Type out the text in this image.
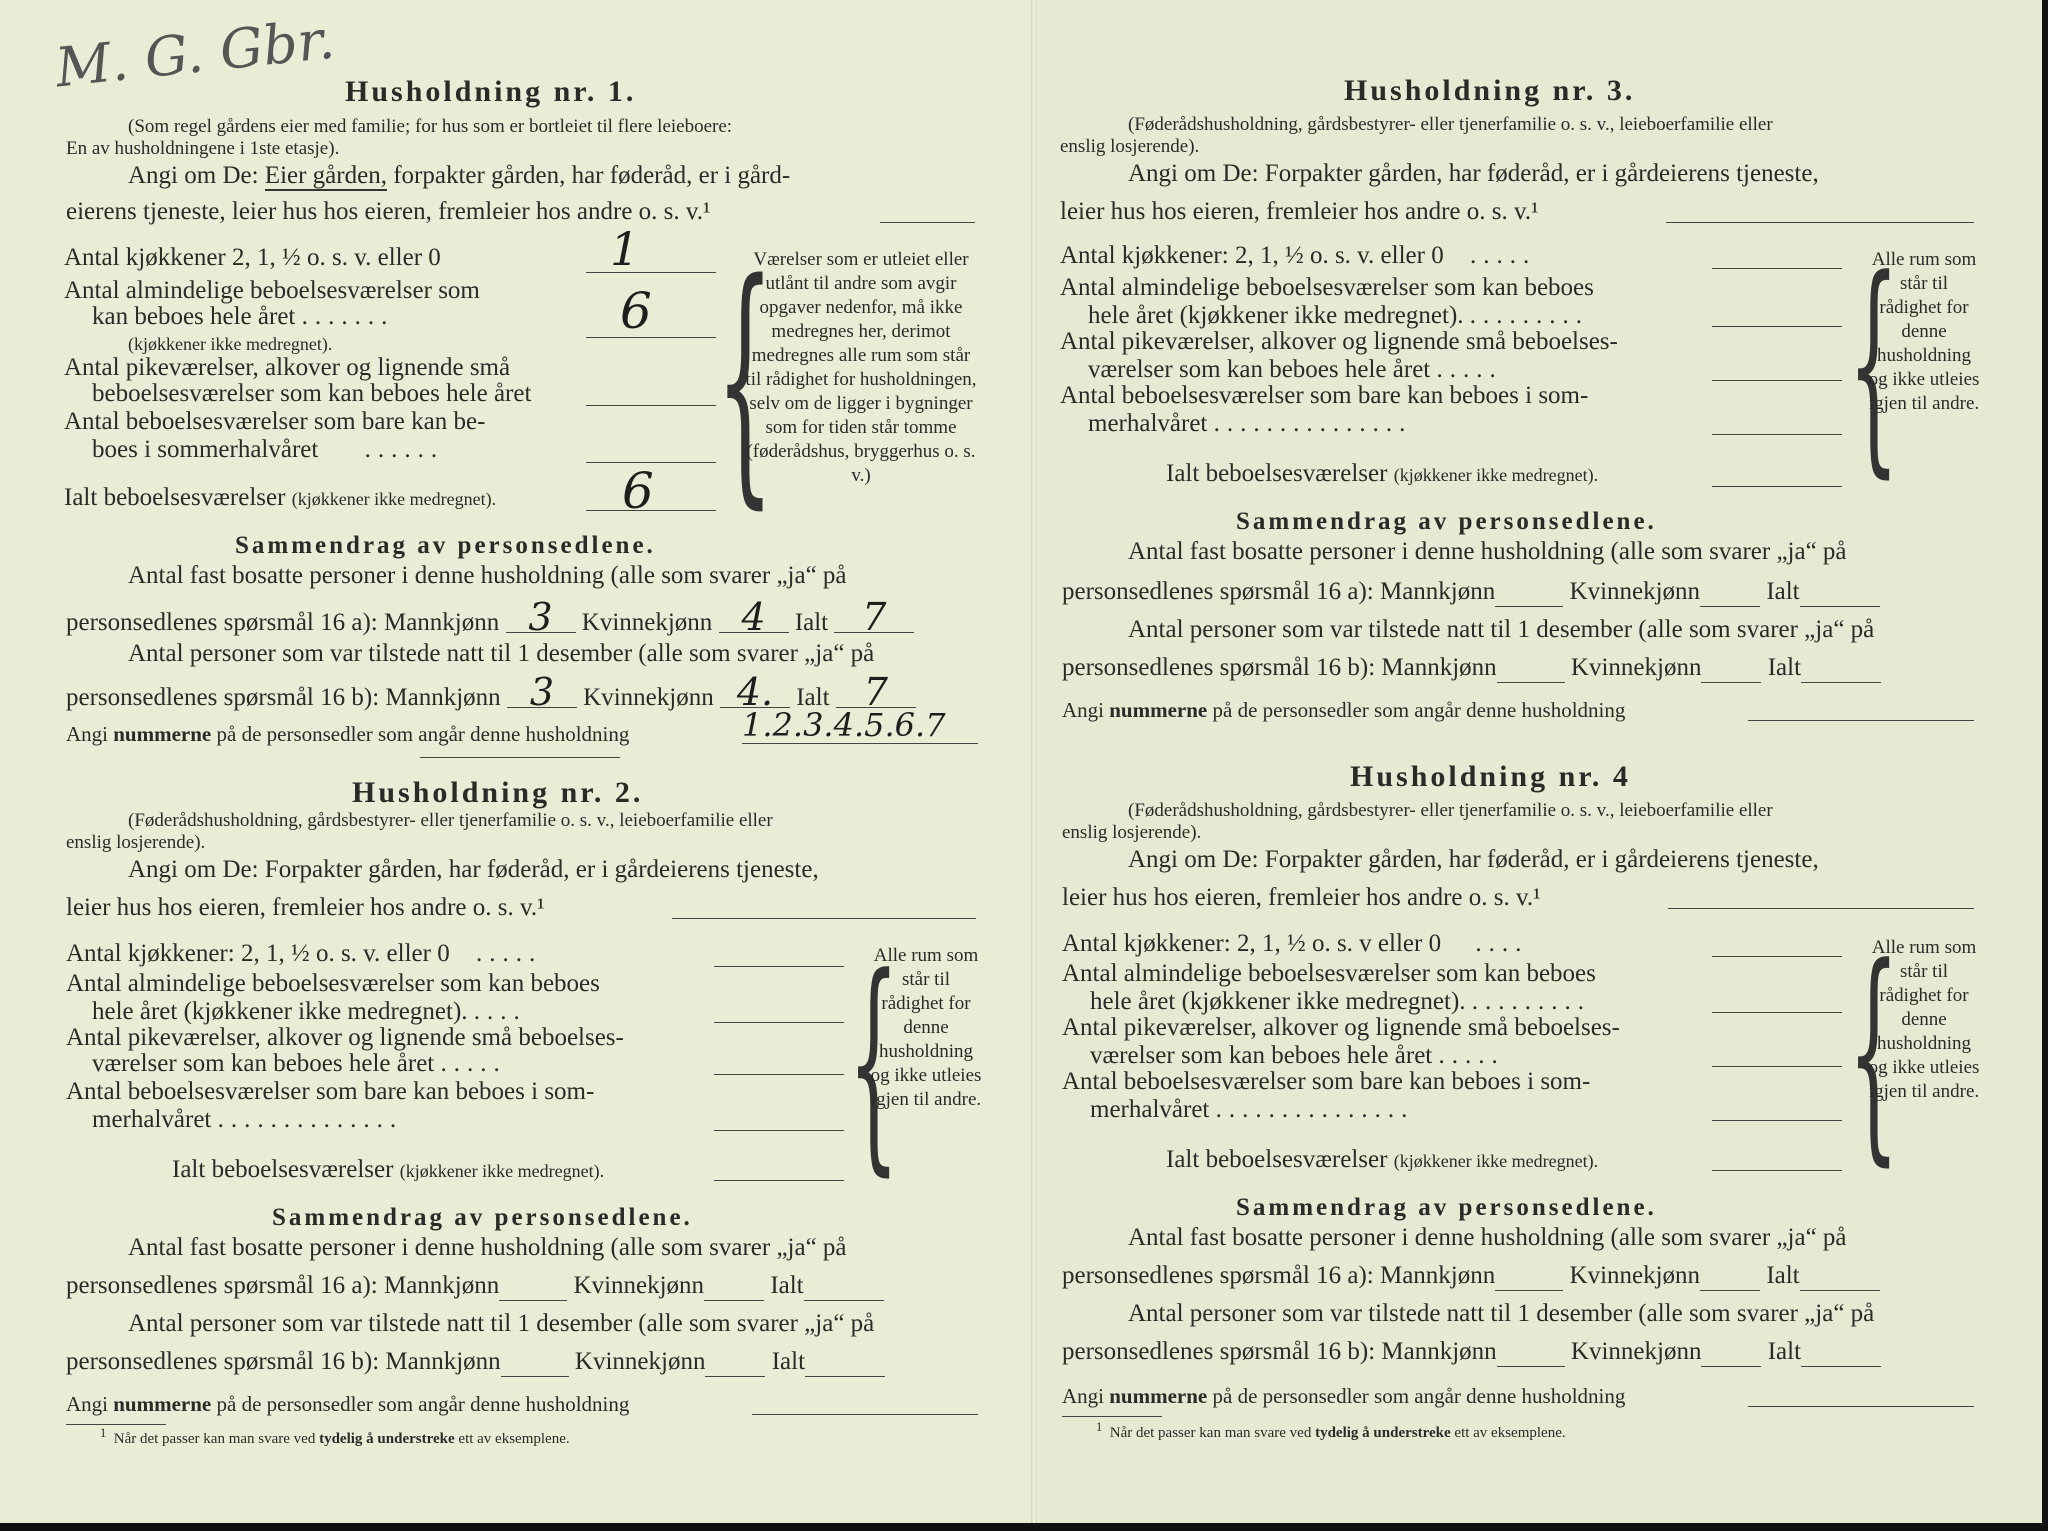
M. G. Gbr. Husholdning nr. 1.
(Som regel gårdens eier med familie; for hus som er bortleiet til flere leieboere:
En av husholdningene i 1ste etasje).
Angi om De: Eier gården, forpakter gården, har føderåd, er i gård-
eierens tjeneste, leier hus hos eieren, fremleier hos andre o. s. v.¹
Antal kjøkkener 2, 1, ½ o. s. v. eller 0	1
Antal almindelige beboelsesværelser som
kan beboes hele året .......	6
(kjøkkener ikke medregnet).
Antal pikeværelser, alkover og lignende små
beboelsesværelser som kan beboes hele året
Antal beboelsesværelser som bare kan be-
boes i sommerhalvåret ......
Ialt beboelsesværelser (kjøkkener ikke medregnet).	6 {
Værelser som er utleiet eller utlånt til andre som avgir opgaver nedenfor, må ikke medregnes her, derimot medregnes alle rum som står til rådighet for husholdningen, selv om de ligger i bygninger som for tiden står tomme (føderådshus, bryggerhus o. s. v.)
Sammendrag av personsedlene.
Antal fast bosatte personer i denne husholdning (alle som svarer „ja“ på
personsedlenes spørsmål 16 a): Mannkjønn 3 Kvinnekjønn 4 Ialt 7
Antal personer som var tilstede natt til 1 desember (alle som svarer „ja“ på
personsedlenes spørsmål 16 b): Mannkjønn 3 Kvinnekjønn 4. Ialt 7
Angi nummerne på de personsedler som angår denne husholdning	1.2.3.4.5.6.7
Husholdning nr. 2.
(Føderådshusholdning, gårdsbestyrer- eller tjenerfamilie o. s. v., leieboerfamilie eller
enslig losjerende).
Angi om De: Forpakter gården, har føderåd, er i gårdeierens tjeneste,
leier hus hos eieren, fremleier hos andre o. s. v.¹
Antal kjøkkener: 2, 1, ½ o. s. v. eller 0 .....
Antal almindelige beboelsesværelser som kan beboes
hele året (kjøkkener ikke medregnet). ....
Antal pikeværelser, alkover og lignende små beboelses-
værelser som kan beboes hele året .....
Antal beboelsesværelser som bare kan beboes i som-
merhalvåret ..............
Ialt beboelsesværelser (kjøkkener ikke medregnet). {
Alle rum som står til rådighet for denne husholdning og ikke utleies igjen til andre.
Sammendrag av personsedlene.
Antal fast bosatte personer i denne husholdning (alle som svarer „ja“ på
personsedlenes spørsmål 16 a): Mannkjønn	Kvinnekjønn	Ialt
Antal personer som var tilstede natt til 1 desember (alle som svarer „ja“ på
personsedlenes spørsmål 16 b): Mannkjønn	Kvinnekjønn	Ialt
Angi nummerne på de personsedler som angår denne husholdning
$^1$ Når det passer kan man svare ved tydelig å understreke ett av eksemplene.
Husholdning nr. 3.
(Føderådshusholdning, gårdsbestyrer- eller tjenerfamilie o. s. v., leieboerfamilie eller
enslig losjerende).
Angi om De: Forpakter gården, har føderåd, er i gårdeierens tjeneste,
leier hus hos eieren, fremleier hos andre o. s. v.¹
Antal kjøkkener: 2, 1, ½ o. s. v. eller 0 .....
Antal almindelige beboelsesværelser som kan beboes
hele året (kjøkkener ikke medregnet). .........
Antal pikeværelser, alkover og lignende små beboelses-
værelser som kan beboes hele året .....
Antal beboelsesværelser som bare kan beboes i som-
merhalvåret ...............
Ialt beboelsesværelser (kjøkkener ikke medregnet). {
Alle rum som står til rådighet for denne husholdning og ikke utleies igjen til andre.
Sammendrag av personsedlene.
Antal fast bosatte personer i denne husholdning (alle som svarer „ja“ på
personsedlenes spørsmål 16 a): Mannkjønn	Kvinnekjønn	Ialt
Antal personer som var tilstede natt til 1 desember (alle som svarer „ja“ på
personsedlenes spørsmål 16 b): Mannkjønn	Kvinnekjønn	Ialt
Angi nummerne på de personsedler som angår denne husholdning
Husholdning nr. 4
(Føderådshusholdning, gårdsbestyrer- eller tjenerfamilie o. s. v., leieboerfamilie eller
enslig losjerende).
Angi om De: Forpakter gården, har føderåd, er i gårdeierens tjeneste,
leier hus hos eieren, fremleier hos andre o. s. v.¹
Antal kjøkkener: 2, 1, ½ o. s. v eller 0 ....
Antal almindelige beboelsesværelser som kan beboes
hele året (kjøkkener ikke medregnet). .........
Antal pikeværelser, alkover og lignende små beboelses-
værelser som kan beboes hele året .....
Antal beboelsesværelser som bare kan beboes i som-
merhalvåret ...............
Ialt beboelsesværelser (kjøkkener ikke medregnet). {
Alle rum som står til rådighet for denne husholdning og ikke utleies igjen til andre.
Sammendrag av personsedlene.
Antal fast bosatte personer i denne husholdning (alle som svarer „ja“ på
personsedlenes spørsmål 16 a): Mannkjønn	Kvinnekjønn	Ialt
Antal personer som var tilstede natt til 1 desember (alle som svarer „ja“ på
personsedlenes spørsmål 16 b): Mannkjønn	Kvinnekjønn	Ialt
Angi nummerne på de personsedler som angår denne husholdning
$^1$ Når det passer kan man svare ved tydelig å understreke ett av eksemplene.
